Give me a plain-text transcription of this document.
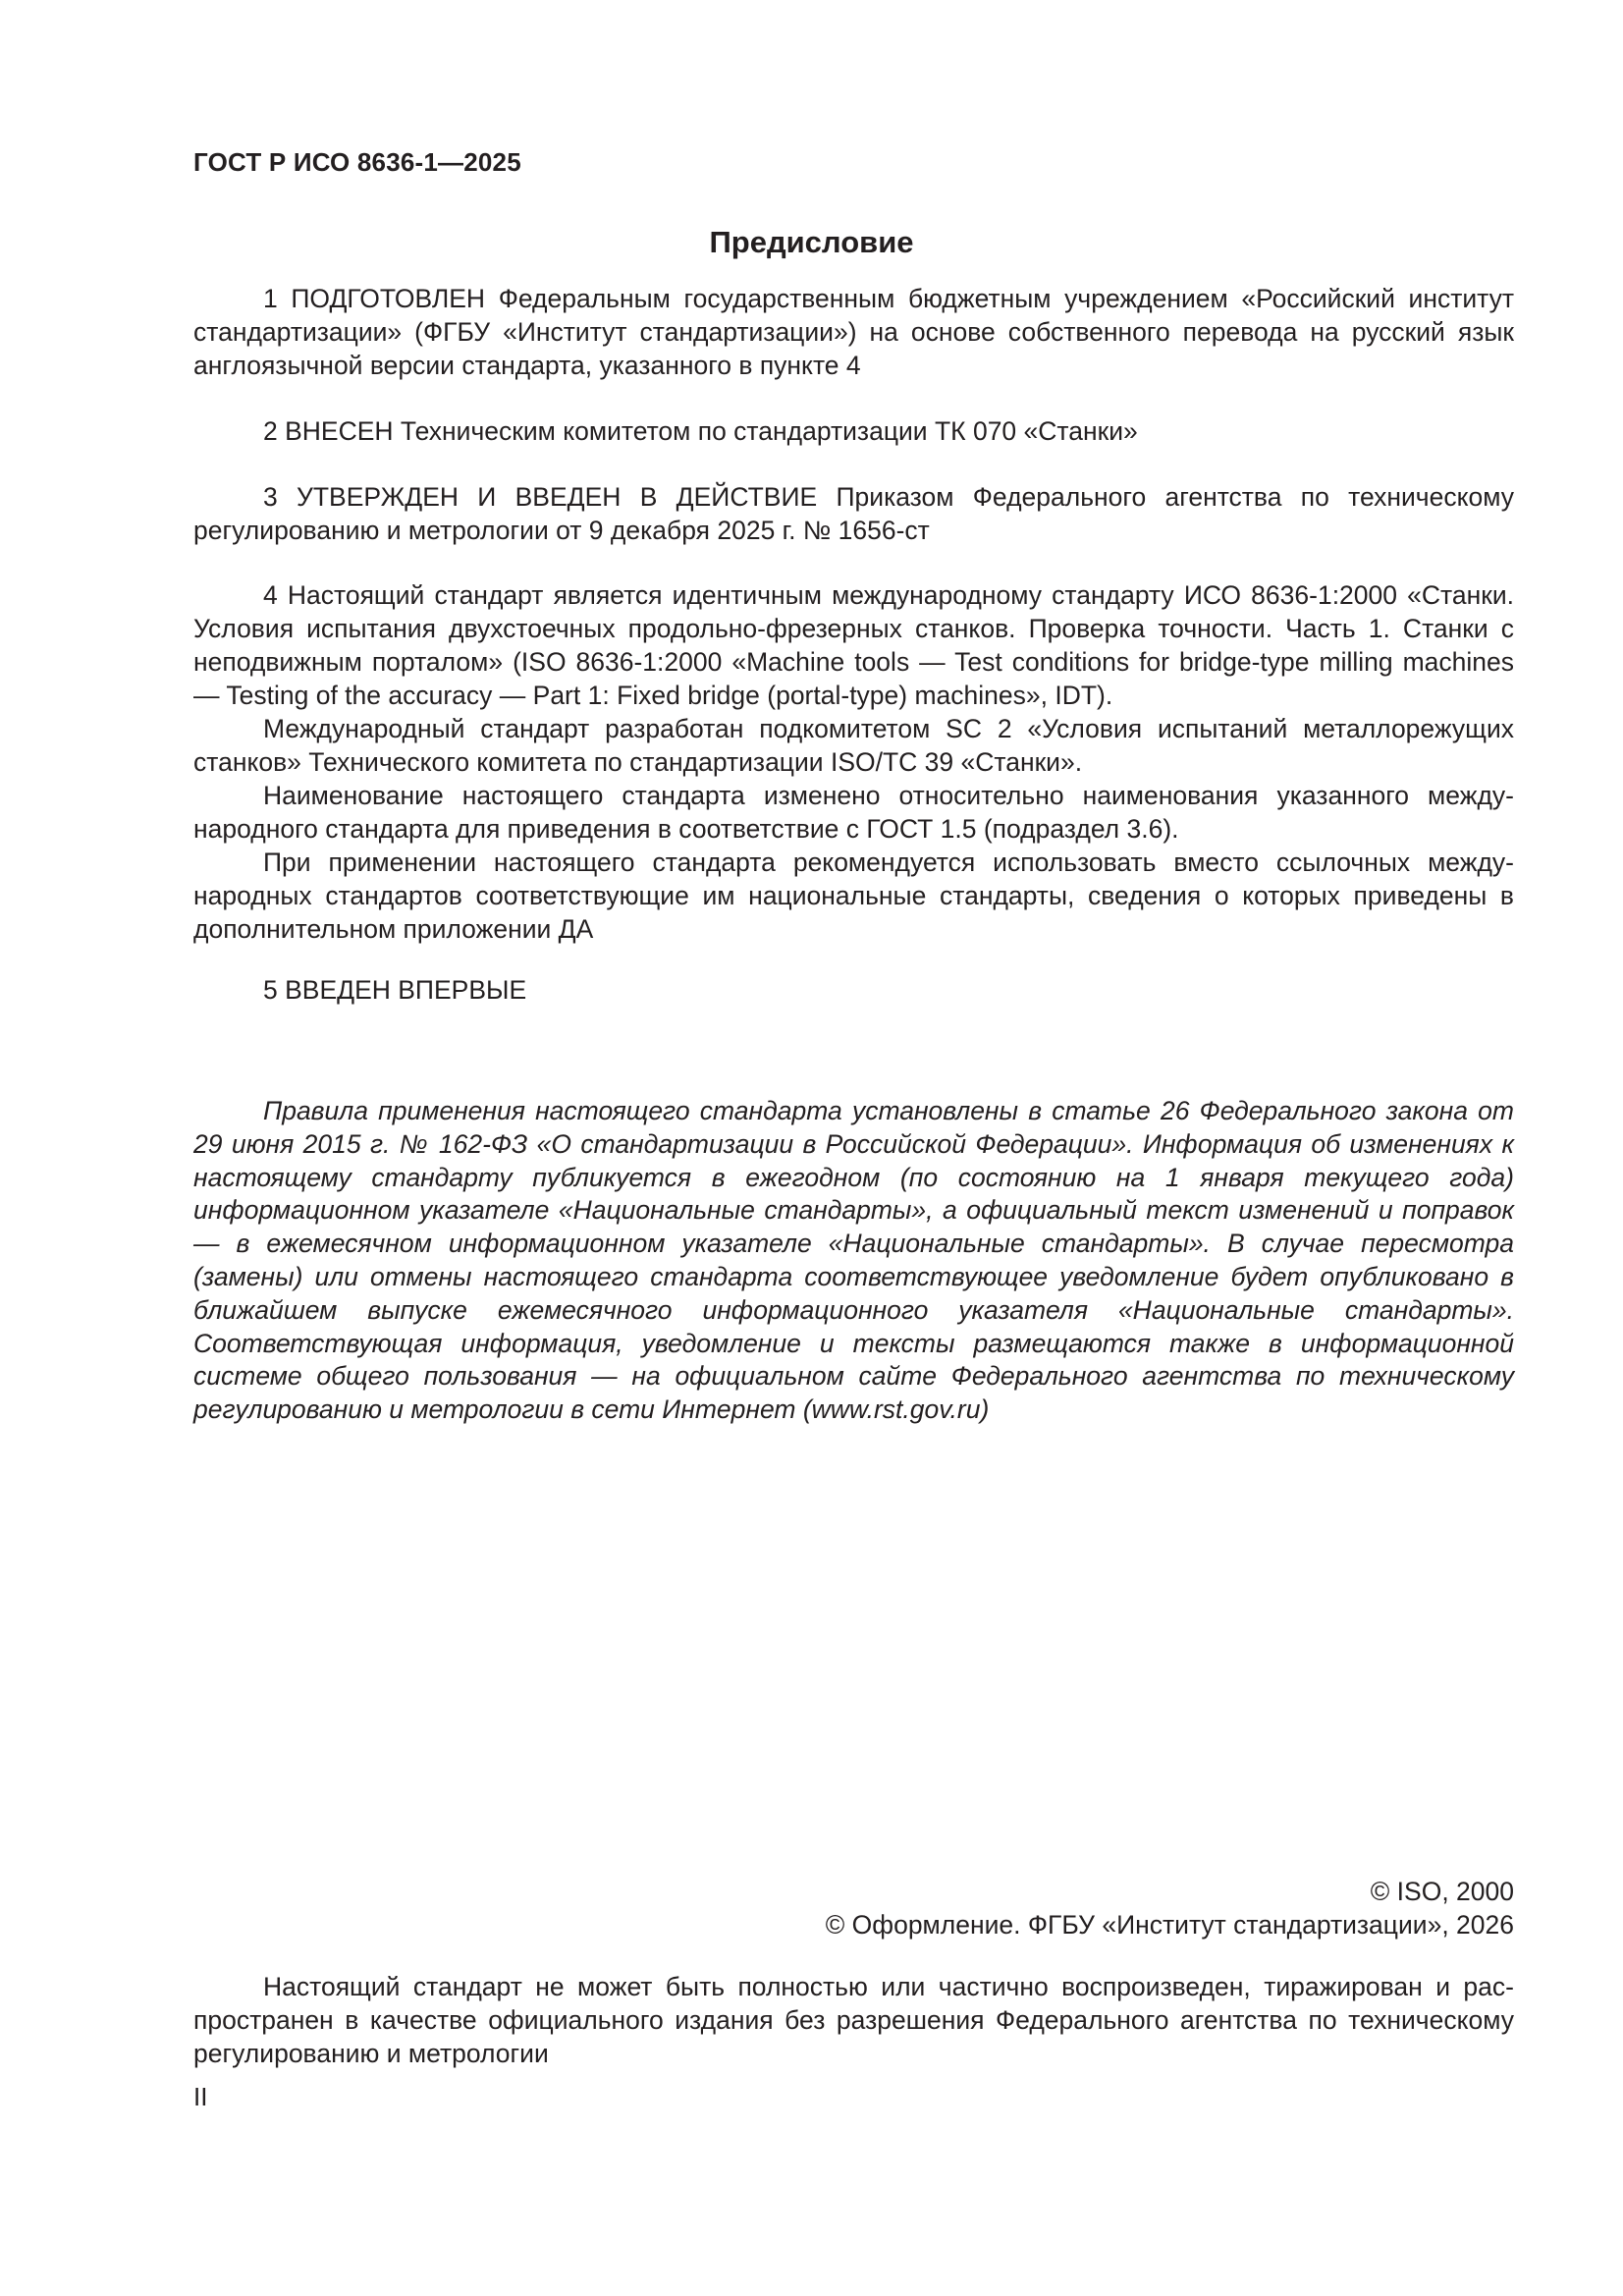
ГОСТ Р ИСО 8636-1—2025
Предисловие

1 ПОДГОТОВЛЕН Федеральным государственным бюджетным учреждением «Российский институт стандартизации» (ФГБУ «Институт стандартизации») на основе собственного перевода на русский язык англоязычной версии стандарта, указанного в пункте 4

2 ВНЕСЕН Техническим комитетом по стандартизации ТК 070 «Станки»

3 УТВЕРЖДЕН И ВВЕДЕН В ДЕЙСТВИЕ Приказом Федерального агентства по техническому регулированию и метрологии от 9 декабря 2025 г. № 1656-ст

4 Настоящий стандарт является идентичным международному стандарту ИСО 8636-1:2000 «Станки. Условия испытания двухстоечных продольно-фрезерных станков. Проверка точности. Часть 1. Станки с неподвижным порталом» (ISO 8636-1:2000 «Machine tools — Test conditions for bridge-type milling machines — Testing of the accuracy — Part 1: Fixed bridge (portal-type) machines», IDT).

Международный стандарт разработан подкомитетом SC 2 «Условия испытаний металлорежущих станков» Технического комитета по стандартизации ISO/TC 39 «Станки».

Наименование настоящего стандарта изменено относительно наименования указанного международного стандарта для приведения в соответствие с ГОСТ 1.5 (подраздел 3.6).

При применении настоящего стандарта рекомендуется использовать вместо ссылочных международных стандартов соответствующие им национальные стандарты, сведения о которых приведены в дополнительном приложении ДА

5 ВВЕДЕН ВПЕРВЫЕ

Правила применения настоящего стандарта установлены в статье 26 Федерального закона от 29 июня 2015 г. № 162-ФЗ «О стандартизации в Российской Федерации». Информация об изменениях к настоящему стандарту публикуется в ежегодном (по состоянию на 1 января текущего года) информационном указателе «Национальные стандарты», а официальный текст изменений и поправок — в ежемесячном информационном указателе «Национальные стандарты». В случае пересмотра (замены) или отмены настоящего стандарта соответствующее уведомление будет опубликовано в ближайшем выпуске ежемесячного информационного указателя «Национальные стандарты». Соответствующая информация, уведомление и тексты размещаются также в информационной системе общего пользования — на официальном сайте Федерального агентства по техническому регулированию и метрологии в сети Интернет (www.rst.gov.ru)

© ISO, 2000
© Оформление. ФГБУ «Институт стандартизации», 2026

Настоящий стандарт не может быть полностью или частично воспроизведен, тиражирован и распространен в качестве официального издания без разрешения Федерального агентства по техническому регулированию и метрологии

II
